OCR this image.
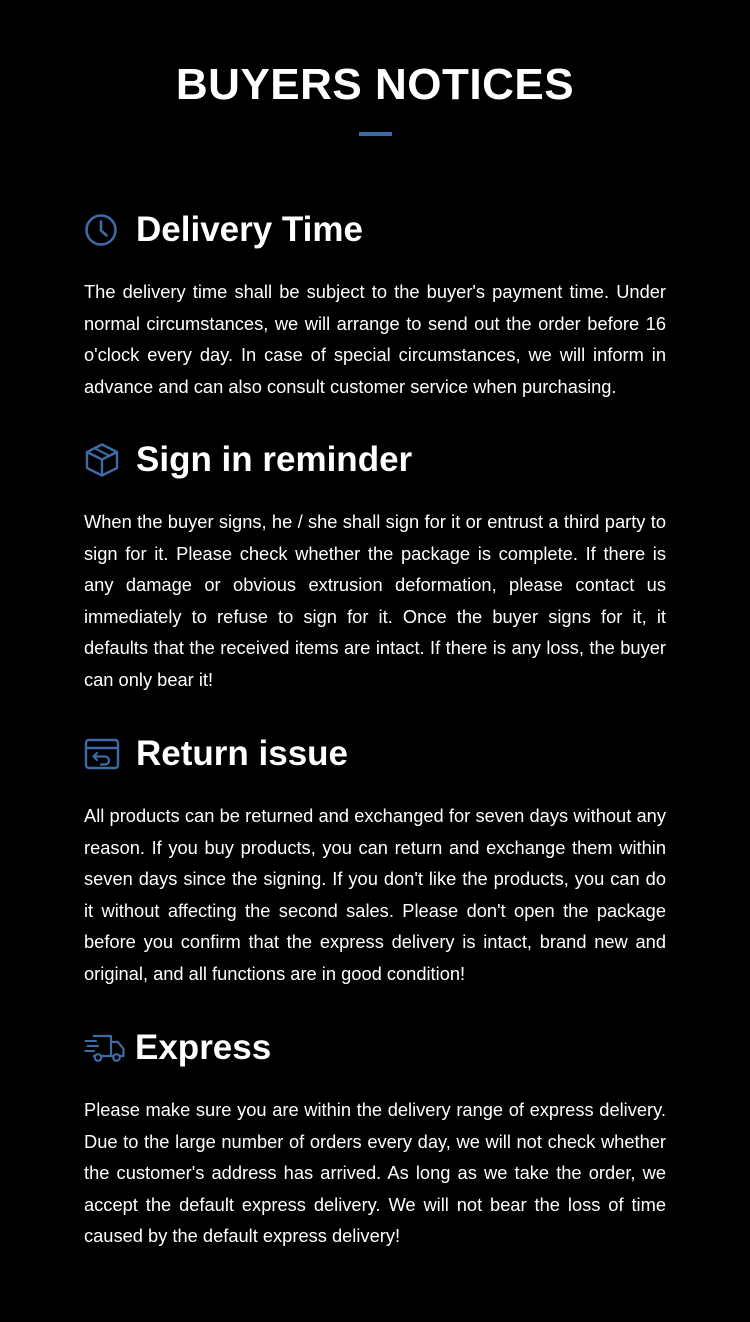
BUYERS NOTICES
Delivery Time

The delivery time shall be subject to the buyer's payment time. Under normal circumstances, we will arrange to send out the order before 16 o'clock every day. In case of special circumstances, we will inform in advance and can also consult customer service when purchasing.

Sign in reminder

When the buyer signs, he / she shall sign for it or entrust a third party to sign for it. Please check whether the package is complete. If there is any damage or obvious extrusion deformation, please contact us immediately to refuse to sign for it. Once the buyer signs for it, it defaults that the received items are intact. If there is any loss, the buyer can only bear it!

Return issue

All products can be returned and exchanged for seven days without any reason. If you buy products, you can return and exchange them within seven days since the signing. If you don't like the products, you can do it without affecting the second sales. Please don't open the package before you confirm that the express delivery is intact, brand new and original, and all functions are in good condition!

Express

Please make sure you are within the delivery range of express delivery. Due to the large number of orders every day, we will not check whether the customer's address has arrived. As long as we take the order, we accept the default express delivery. We will not bear the loss of time caused by the default express delivery!
